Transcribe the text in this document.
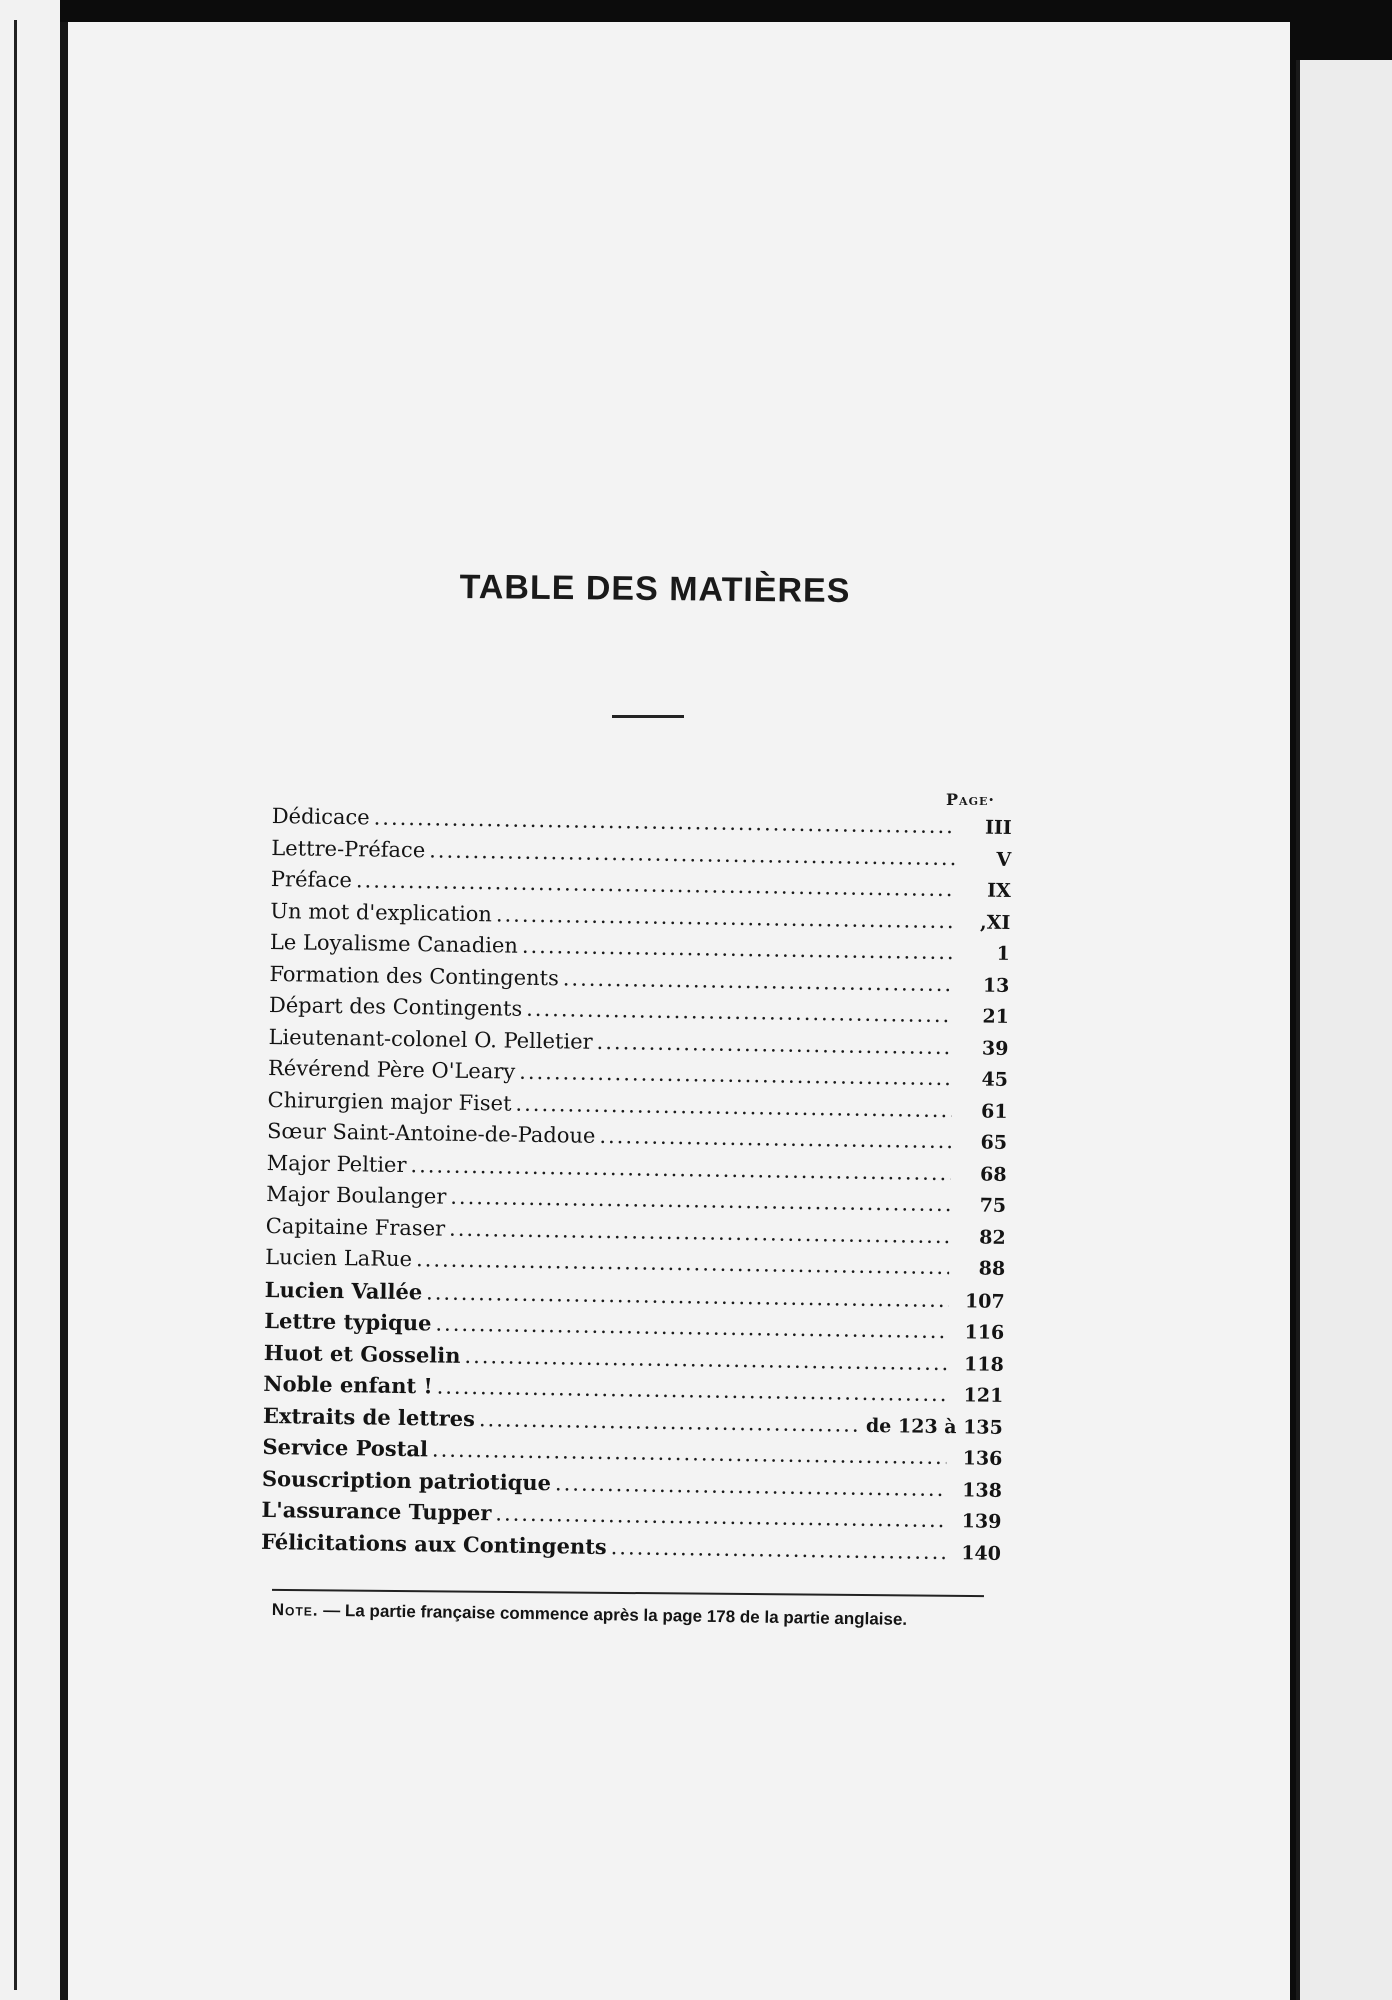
TABLE DES MATIÈRES
Page·
Dédicace .....	III
Lettre-Préface .....	V
Préface .....	IX
Un mot d'explication .....	,XI
Le Loyalisme Canadien .....	1
Formation des Contingents .....	13
Départ des Contingents .....	21
Lieutenant-colonel O. Pelletier .....	39
Révérend Père O'Leary .....	45
Chirurgien major Fiset .....	61
Sœur Saint-Antoine-de-Padoue .....	65
Major Peltier .....	68
Major Boulanger .....	75
Capitaine Fraser .....	82
Lucien LaRue .....	88
Lucien Vallée .....	107
Lettre typique .....	116
Huot et Gosselin .....	118
Noble enfant ! .....	121
Extraits de lettres .....	de 123 à 135
Service Postal .....	136
Souscription patriotique .....	138
L'assurance Tupper .....	139
Félicitations aux Contingents .....	140
Note. — La partie française commence après la page 178 de la partie anglaise.
